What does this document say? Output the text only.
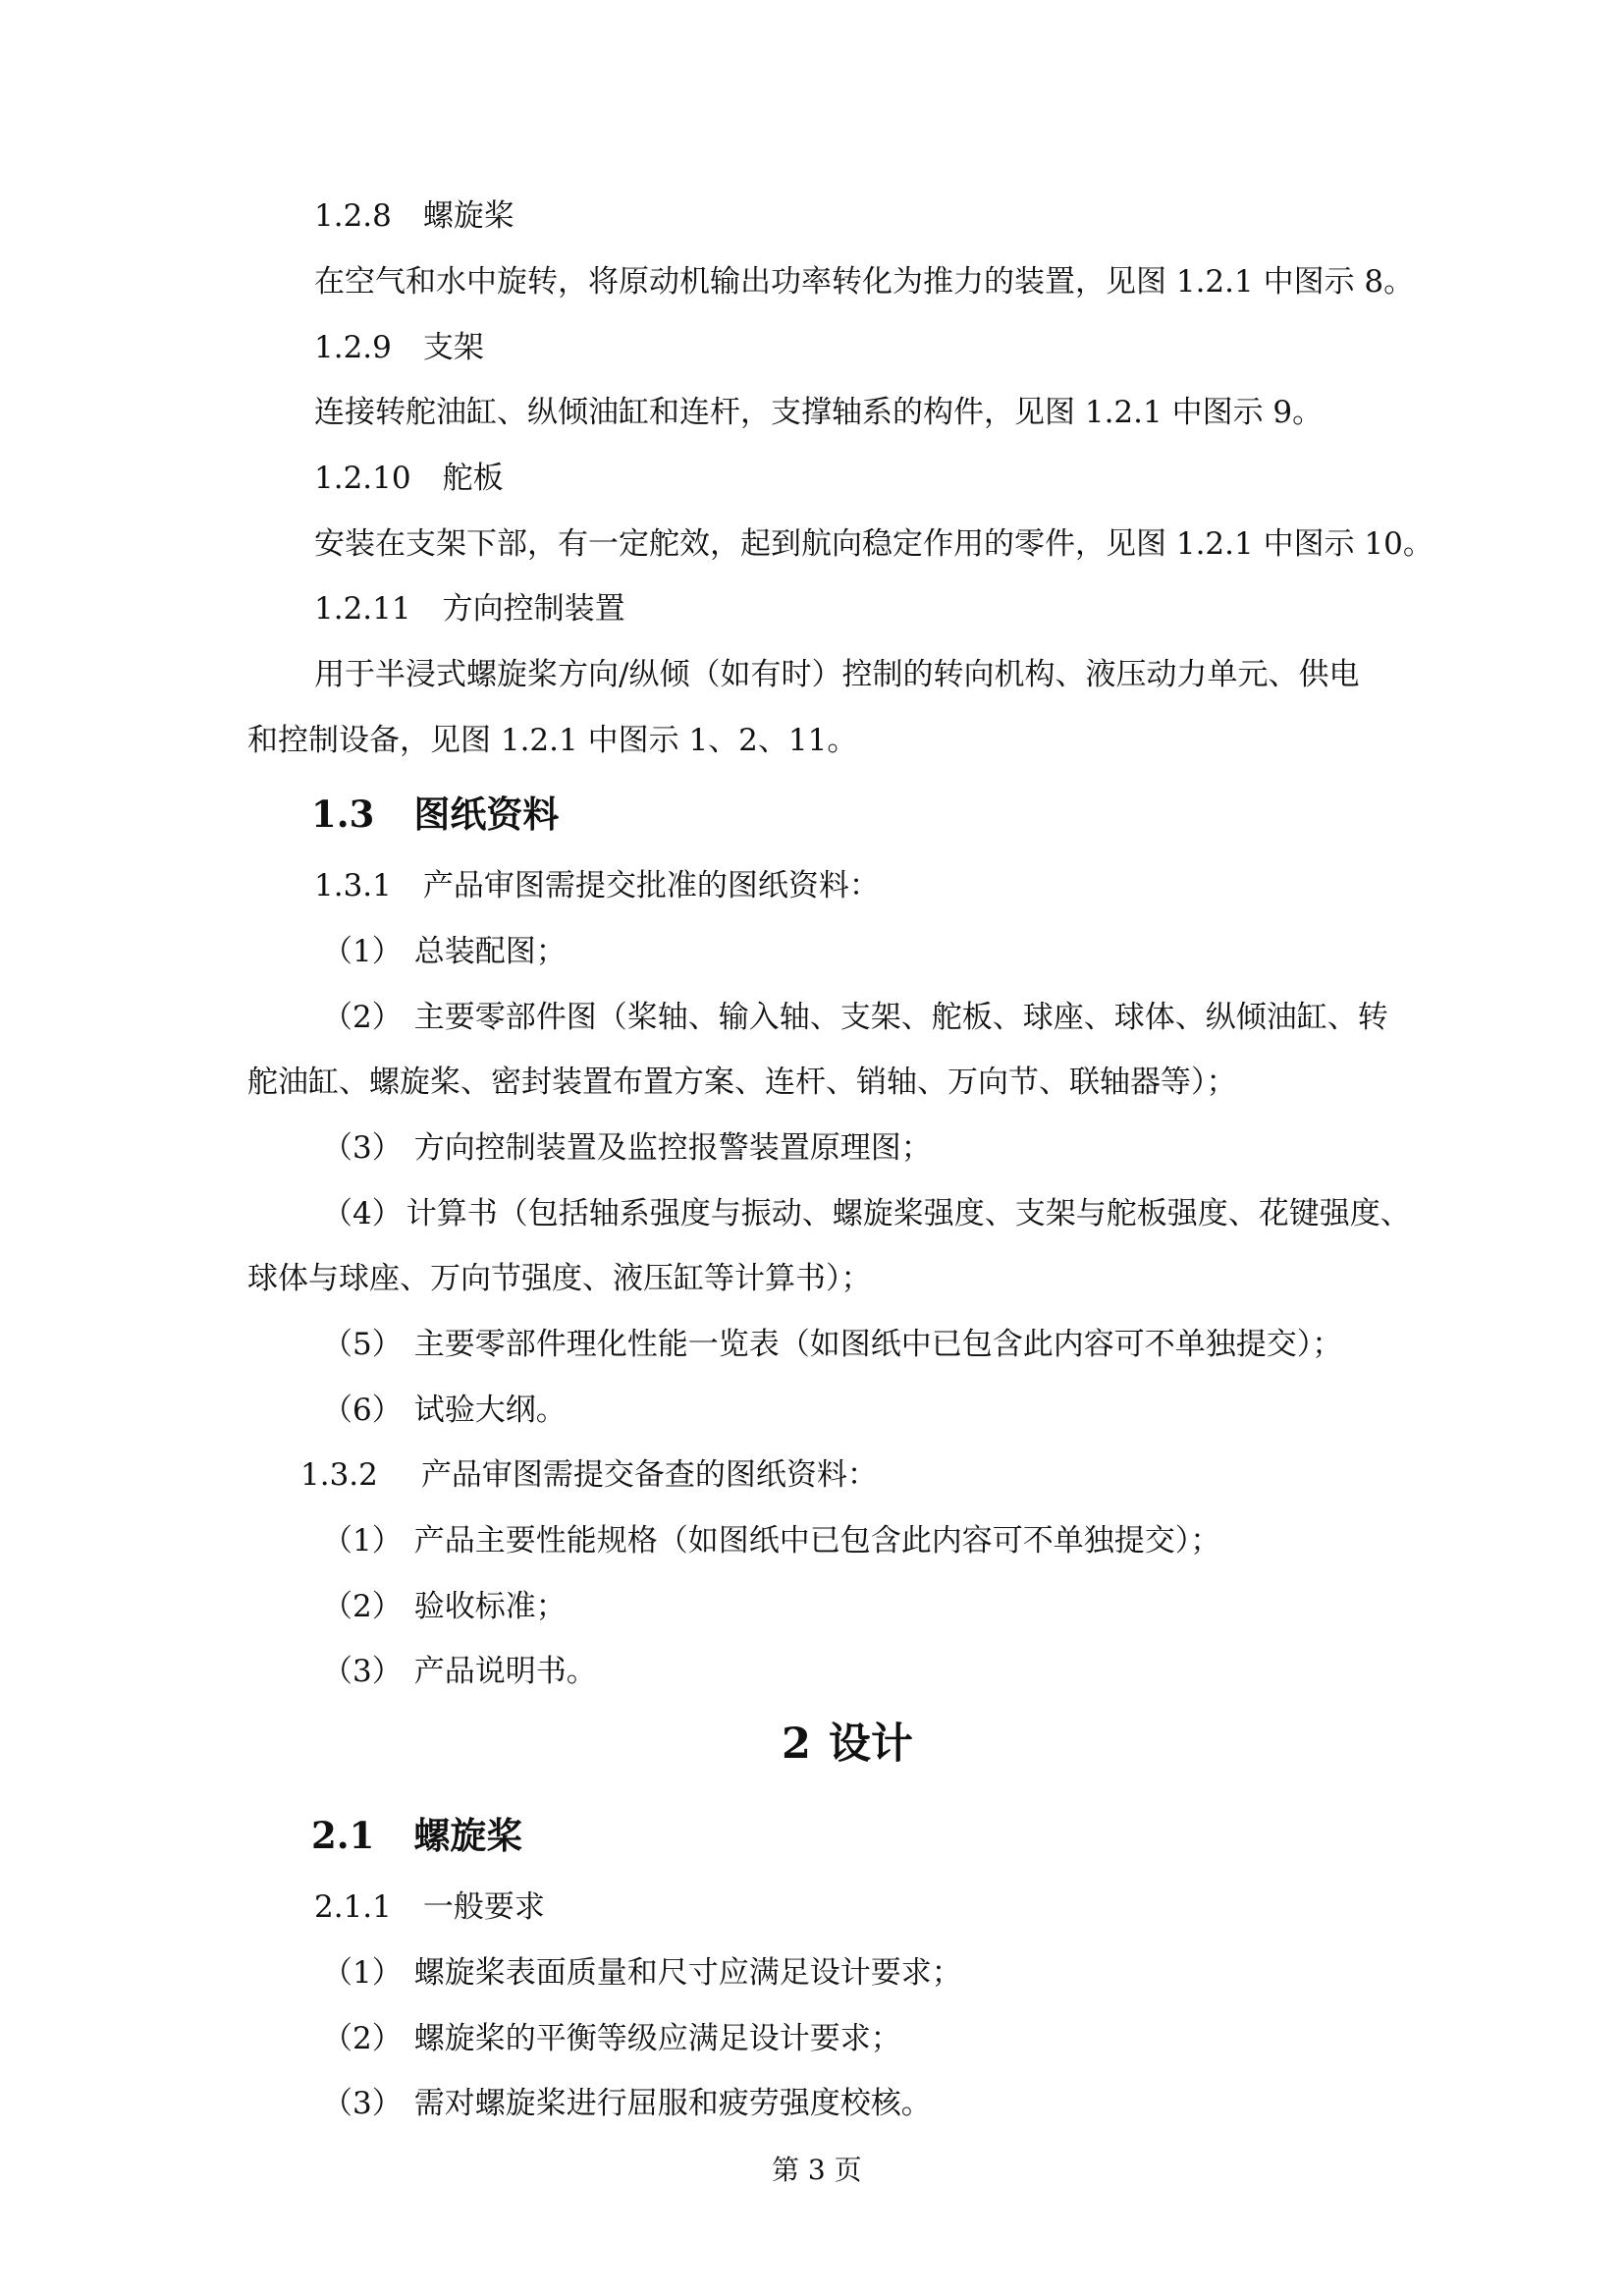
1.2.8 螺旋桨
在空气和水中旋转，将原动机输出功率转化为推力的装置，见图 1.2.1 中图示 8。
1.2.9 支架
连接转舵油缸、纵倾油缸和连杆，支撑轴系的构件，见图 1.2.1 中图示 9。
1.2.10 舵板
安装在支架下部，有一定舵效，起到航向稳定作用的零件，见图 1.2.1 中图示 10。
1.2.11 方向控制装置
用于半浸式螺旋桨方向/纵倾（如有时）控制的转向机构、液压动力单元、供电
和控制设备，见图 1.2.1 中图示 1、2、11。
1.3 图纸资料
1.3.1 产品审图需提交批准的图纸资料：
（1） 总装配图；
（2） 主要零部件图（桨轴、输入轴、支架、舵板、球座、球体、纵倾油缸、转
舵油缸、螺旋桨、密封装置布置方案、连杆、销轴、万向节、联轴器等）；
（3） 方向控制装置及监控报警装置原理图；
（4） 计算书（包括轴系强度与振动、螺旋桨强度、支架与舵板强度、花键强度、
球体与球座、万向节强度、液压缸等计算书）；
（5） 主要零部件理化性能一览表（如图纸中已包含此内容可不单独提交）；
（6） 试验大纲。
1.3.2 产品审图需提交备查的图纸资料：
（1） 产品主要性能规格（如图纸中已包含此内容可不单独提交）；
（2） 验收标准；
（3） 产品说明书。
2 设计
2.1 螺旋桨
2.1.1 一般要求
（1） 螺旋桨表面质量和尺寸应满足设计要求；
（2） 螺旋桨的平衡等级应满足设计要求；
（3） 需对螺旋桨进行屈服和疲劳强度校核。
第 3 页
